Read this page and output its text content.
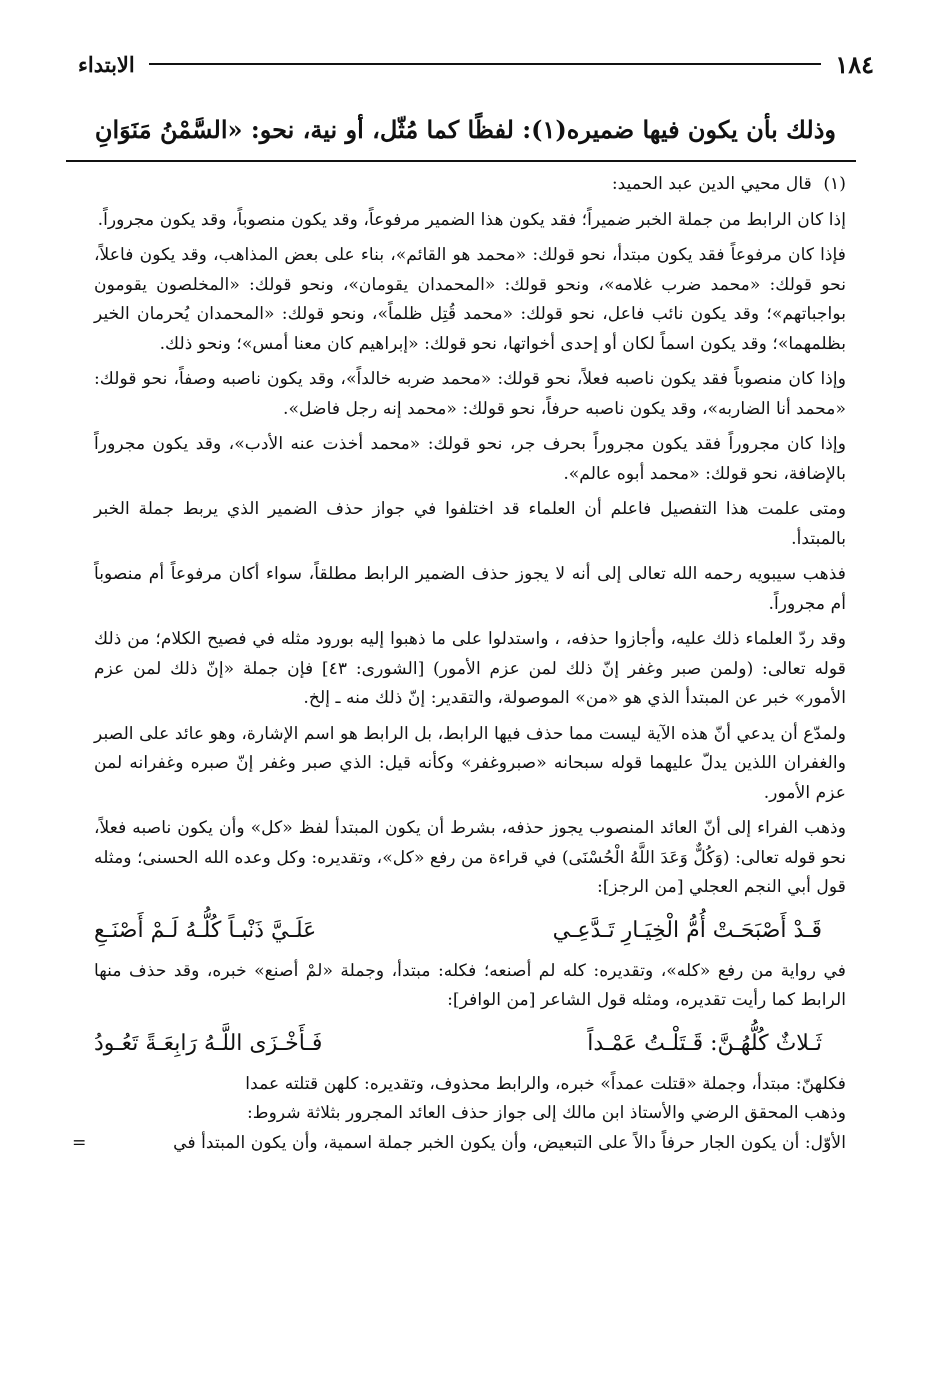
١٨٤
الابتداء
وذلك بأن يكون فيها ضميره(١): لفظًا كما مُثّل، أو نية، نحو: «السَّمْنُ مَنَوَانِ

(١) قال محيي الدين عبد الحميد:

إذا كان الرابط من جملة الخبر ضميراً؛ فقد يكون هذا الضمير مرفوعاً، وقد يكون منصوباً، وقد يكون مجروراً.

فإذا كان مرفوعاً فقد يكون مبتدأ، نحو قولك: «محمد هو القائم»، بناء على بعض المذاهب، وقد يكون فاعلاً، نحو قولك: «محمد ضرب غلامه»، ونحو قولك: «المحمدان يقومان»، ونحو قولك: «المخلصون يقومون بواجباتهم»؛ وقد يكون نائب فاعل، نحو قولك: «محمد قُتِل ظلماً»، ونحو قولك: «المحمدان يُحرمان الخير بظلمهما»؛ وقد يكون اسماً لكان أو إحدى أخواتها، نحو قولك: «إبراهيم كان معنا أمس»؛ ونحو ذلك.

وإذا كان منصوباً فقد يكون ناصبه فعلاً، نحو قولك: «محمد ضربه خالداً»، وقد يكون ناصبه وصفاً، نحو قولك: «محمد أنا الضاربه»، وقد يكون ناصبه حرفاً، نحو قولك: «محمد إنه رجل فاضل».

وإذا كان مجروراً فقد يكون مجروراً بحرف جر، نحو قولك: «محمد أخذت عنه الأدب»، وقد يكون مجروراً بالإضافة، نحو قولك: «محمد أبوه عالم».

ومتى علمت هذا التفصيل فاعلم أن العلماء قد اختلفوا في جواز حذف الضمير الذي يربط جملة الخبر بالمبتدأ.

فذهب سيبويه رحمه الله تعالى إلى أنه لا يجوز حذف الضمير الرابط مطلقاً، سواء أكان مرفوعاً أم منصوباً أم مجروراً.

وقد ردّ العلماء ذلك عليه، وأجازوا حذفه، ، واستدلوا على ما ذهبوا إليه بورود مثله في فصيح الكلام؛ من ذلك قوله تعالى: (ولمن صبر وغفر إنّ ذلك لمن عزم الأمور) [الشورى: ٤٣] فإن جملة «إنّ ذلك لمن عزم الأمور» خبر عن المبتدأ الذي هو «من» الموصولة، والتقدير: إنّ ذلك منه ـ إلخ.

ولمدّع أن يدعي أنّ هذه الآية ليست مما حذف فيها الرابط، بل الرابط هو اسم الإشارة، وهو عائد على الصبر والغفران اللذين يدلّ عليهما قوله سبحانه «صبروغفر» وكأنه قيل: الذي صبر وغفر إنّ صبره وغفرانه لمن عزم الأمور.

وذهب الفراء إلى أنّ العائد المنصوب يجوز حذفه، بشرط أن يكون المبتدأ لفظ «كل» وأن يكون ناصبه فعلاً، نحو قوله تعالى: (وَكُلٌّ وَعَدَ اللَّهُ الْحُسْنَى) في قراءة من رفع «كل»، وتقديره: وكل وعده الله الحسنى؛ ومثله قول أبي النجم العجلي [من الرجز]:

قَـدْ أَصْبَحَـتْ أُمُّ الْخِيَـارِ تَـدَّعِـي
عَلَـيَّ ذَنْبـاً كُلُّـهُ لَـمْ أَصْنَـعِ

في رواية من رفع «كله»، وتقديره: كله لم أصنعه؛ فكله: مبتدأ، وجملة «لمْ أصنع» خبره، وقد حذف منها الرابط كما رأيت تقديره، ومثله قول الشاعر [من الوافر]:

ثَـلاثٌ كُلُّهُـنَّ: قَـتَلْـتُ عَمْـداً
فَـأَخْـزَى اللَّـهُ رَابِعَـةً تَعُـودُ

فكلهنّ: مبتدأ، وجملة «قتلت عمداً» خبره، والرابط محذوف، وتقديره: كلهن قتلته عمدا

وذهب المحقق الرضي والأستاذ ابن مالك إلى جواز حذف العائد المجرور بثلاثة شروط:

الأوّل: أن يكون الجار حرفاً دالاً على التبعيض، وأن يكون الخبر جملة اسمية، وأن يكون المبتدأ في
=
